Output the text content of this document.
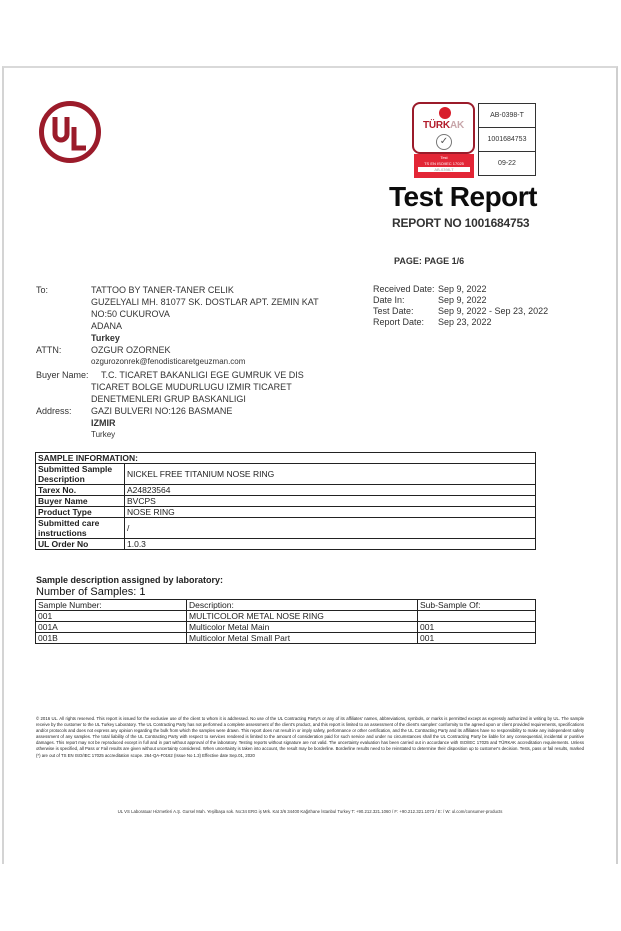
TÜRKAK
✓
Test
TS EN ISO/IEC 17025
AB-0398-T
AB-0398-T
1001684753
09-22
Test Report
REPORT NO 1001684753
PAGE: PAGE 1/6
To:	TATTOO BY TANER-TANER CELIK
GUZELYALI MH. 81077 SK. DOSTLAR APT. ZEMIN KAT
NO:50 CUKUROVA
ADANA
Turkey
ATTN:	OZGUR OZORNEK
ozgurozonrek@fenodisticaretgeuzman.com
Buyer Name: T.C. TICARET BAKANLIGI EGE GUMRUK VE DIS
TICARET BOLGE MUDURLUGU IZMIR TICARET
DENETMENLERI GRUP BASKANLIGI
Address: GAZI BULVERI NO:126 BASMANE
IZMIR
Turkey
Received Date: Sep 9, 2022
Date In:	Sep 9, 2022
Test Date:	Sep 9, 2022 - Sep 23, 2022
Report Date: Sep 23, 2022
SAMPLE INFORMATION:	
Submitted Sample Description	NICKEL FREE TITANIUM NOSE RING
Tarex No.	A24823564
Buyer Name	BVCPS
Product Type	NOSE RING
Submitted care instructions	/
UL Order No	1.0.3
Sample description assigned by laboratory:
Number of Samples: 1
Sample Number:	Description:	Sub-Sample Of:
001	MULTICOLOR METAL NOSE RING	
001A	Multicolor Metal Main	001
001B	Multicolor Metal Small Part	001
© 2016 UL. All rights reserved. This report is issued for the exclusive use of the client to whom it is addressed. No use of the UL Contracting Party's or any of its affiliates' names, abbreviations, symbols, or marks is permitted except as expressly authorized in writing by UL. The sample receive by the customer to the UL Turkey Laboratory. The UL Contracting Party has not performed a complete assessment of the client's product, and this report is limited to an assessment of the client's samples' conformity to the agreed upon or client provided requirements, specifications and/or protocols and does not express any opinion regarding the bulk from which the samples were drawn. This report does not result in or imply safety, performance or other certification, and the UL Contracting Party and its affiliates have no responsibility to make any independent safety assessment of any samples. The total liability of the UL Contracting Party with respect to services rendered is limited to the amount of consideration paid for such service and under no circumstances shall the UL Contracting Party be liable for any consequential, incidental or punitive damages. This report may not be reproduced except in full and in part without approval of the laboratory. Testing reports without signature are not valid. The uncertainty evaluation has been carried out in accordance with ISO/IEC 17025 and TÜRKAK accreditation requirements. Unless otherwise is specified, all Pass or Fail results are given without uncertainty considered. When uncertainty is taken into account, the result may be borderline. Borderline results need to be reinstated to determine their disposition up to customer's decision. Tests, pass or fail results, marked (*) are out of TS EN ISO/IEC 17025 accreditation scope. 264-QA-F0162 (Issue No 1.3) Effective date Sep.01, 2020
UL VS Laboratuar Hizmetleri A.Ş. Gursel Mah. Yeşilbaşa sok. No:34 ERG iş Mrk. Kat 3/6 34400 Kağıthane İstanbul Turkey T: +90.212.321.1060 / F: +90.212.321.1073 / E: / W: ul.com/consumer-products
